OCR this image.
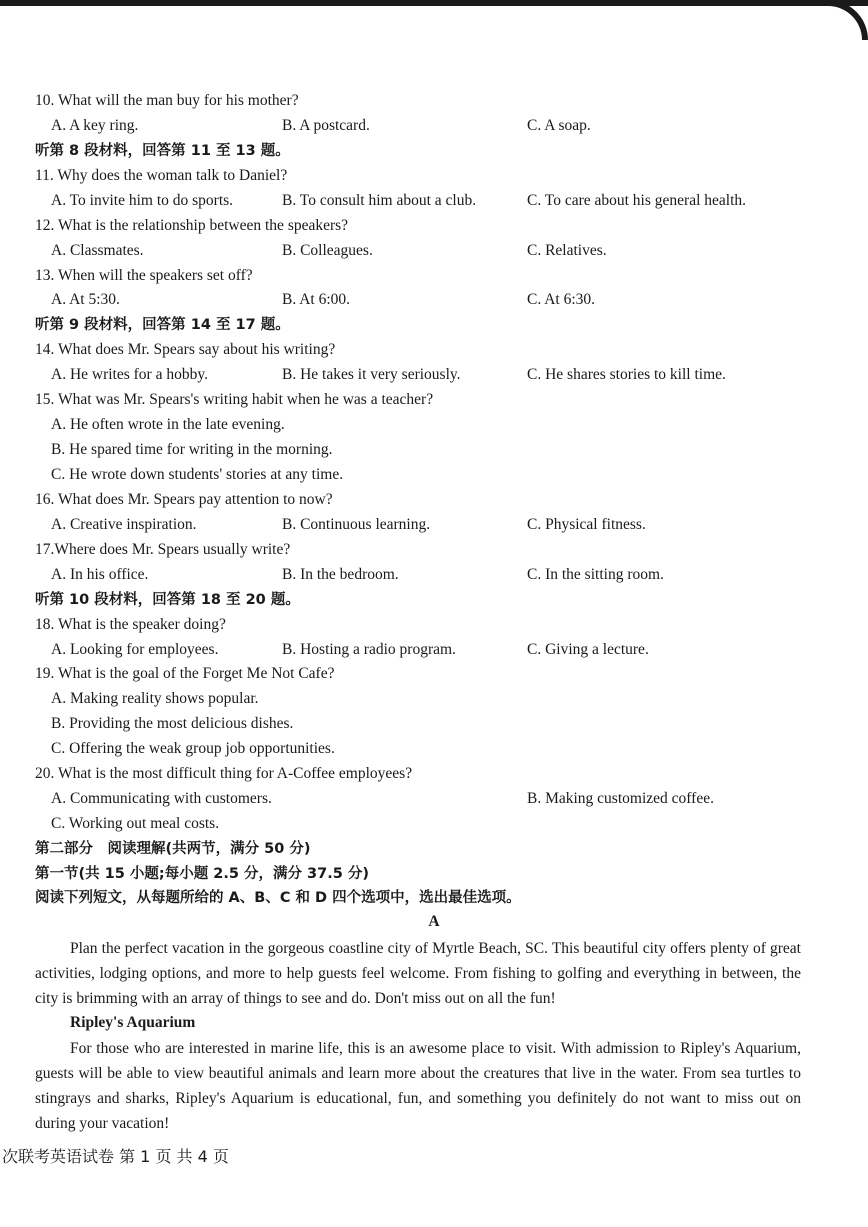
10. What will the man buy for his mother?
A. A key ring.	B. A postcard.	C. A soap.
听第 8 段材料，回答第 11 至 13 题。
11. Why does the woman talk to Daniel?
A. To invite him to do sports.	B. To consult him about a club.	C. To care about his general health.
12. What is the relationship between the speakers?
A. Classmates.	B. Colleagues.	C. Relatives.
13. When will the speakers set off?
A. At 5:30.	B. At 6:00.	C. At 6:30.
听第 9 段材料，回答第 14 至 17 题。
14. What does Mr. Spears say about his writing?
A. He writes for a hobby.	B. He takes it very seriously.	C. He shares stories to kill time.
15. What was Mr. Spears's writing habit when he was a teacher?
A. He often wrote in the late evening.
B. He spared time for writing in the morning.
C. He wrote down students' stories at any time.
16. What does Mr. Spears pay attention to now?
A. Creative inspiration.	B. Continuous learning.	C. Physical fitness.
17.Where does Mr. Spears usually write?
A. In his office.	B. In the bedroom.	C. In the sitting room.
听第 10 段材料，回答第 18 至 20 题。
18. What is the speaker doing?
A. Looking for employees.	B. Hosting a radio program.	C. Giving a lecture.
19. What is the goal of the Forget Me Not Cafe?
A. Making reality shows popular.
B. Providing the most delicious dishes.
C. Offering the weak group job opportunities.
20. What is the most difficult thing for A-Coffee employees?
A. Communicating with customers.	B. Making customized coffee.
C. Working out meal costs.
第二部分　阅读理解(共两节，满分 50 分)
第一节(共 15 小题;每小题 2.5 分，满分 37.5 分)
阅读下列短文，从每题所给的 A、B、C 和 D 四个选项中，选出最佳选项。
A
Plan the perfect vacation in the gorgeous coastline city of Myrtle Beach, SC. This beautiful city offers plenty of great activities, lodging options, and more to help guests feel welcome. From fishing to golfing and everything in between, the city is brimming with an array of things to see and do. Don't miss out on all the fun!
Ripley's Aquarium
For those who are interested in marine life, this is an awesome place to visit. With admission to Ripley's Aquarium, guests will be able to view beautiful animals and learn more about the creatures that live in the water. From sea turtles to stingrays and sharks, Ripley's Aquarium is educational, fun, and something you definitely do not want to miss out on during your vacation!
次联考英语试卷 第 1 页 共 4 页
